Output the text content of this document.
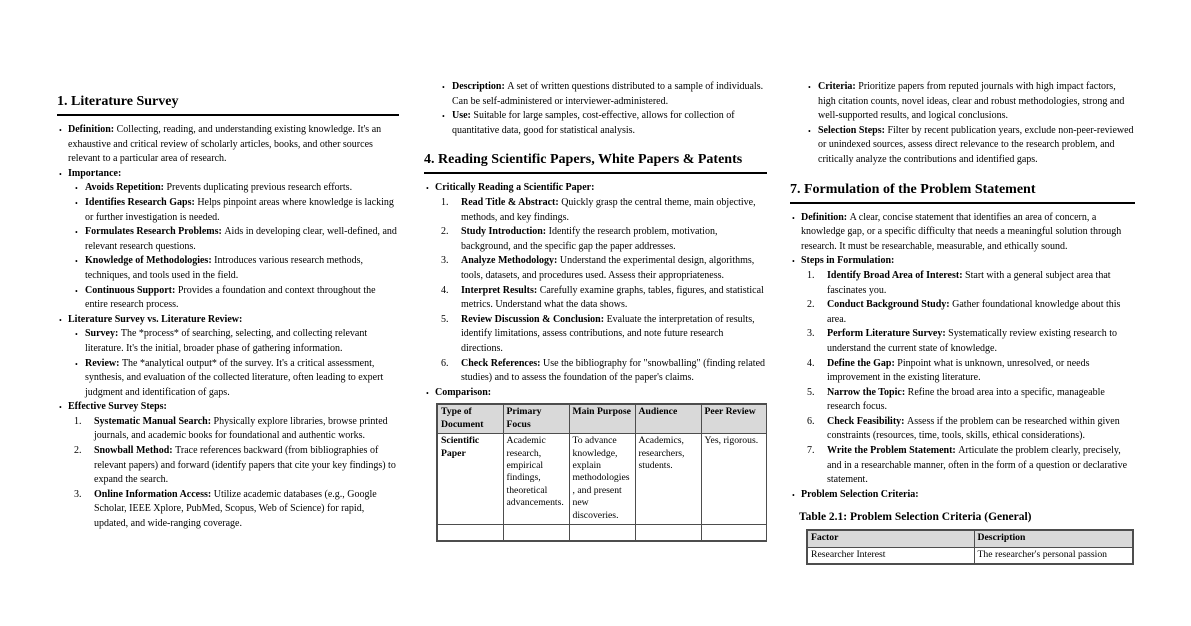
1. Literature Survey
• Definition: Collecting, reading, and understanding existing knowledge. It's an exhaustive and critical review of scholarly articles, books, and other sources relevant to a particular area of research.
• Importance:
• Avoids Repetition: Prevents duplicating previous research efforts.
• Identifies Research Gaps: Helps pinpoint areas where knowledge is lacking or further investigation is needed.
• Formulates Research Problems: Aids in developing clear, well-defined, and relevant research questions.
• Knowledge of Methodologies: Introduces various research methods, techniques, and tools used in the field.
• Continuous Support: Provides a foundation and context throughout the entire research process.
• Literature Survey vs. Literature Review:
• Survey: The *process* of searching, selecting, and collecting relevant literature. It's the initial, broader phase of gathering information.
• Review: The *analytical output* of the survey. It's a critical assessment, synthesis, and evaluation of the collected literature, often leading to expert judgment and identification of gaps.
• Effective Survey Steps:
1. Systematic Manual Search: Physically explore libraries, browse printed journals, and academic books for foundational and authentic works.
2. Snowball Method: Trace references backward (from bibliographies of relevant papers) and forward (identify papers that cite your key findings) to expand the search.
3. Online Information Access: Utilize academic databases (e.g., Google Scholar, IEEE Xplore, PubMed, Scopus, Web of Science) for rapid, updated, and wide-ranging coverage.
• Description: A set of written questions distributed to a sample of individuals. Can be self-administered or interviewer-administered.
• Use: Suitable for large samples, cost-effective, allows for collection of quantitative data, good for statistical analysis.
4. Reading Scientific Papers, White Papers & Patents
• Critically Reading a Scientific Paper:
1. Read Title & Abstract: Quickly grasp the central theme, main objective, methods, and key findings.
2. Study Introduction: Identify the research problem, motivation, background, and the specific gap the paper addresses.
3. Analyze Methodology: Understand the experimental design, algorithms, tools, datasets, and procedures used. Assess their appropriateness.
4. Interpret Results: Carefully examine graphs, tables, figures, and statistical metrics. Understand what the data shows.
5. Review Discussion & Conclusion: Evaluate the interpretation of results, identify limitations, assess contributions, and note future research directions.
6. Check References: Use the bibliography for "snowballing" (finding related studies) and to assess the foundation of the paper's claims.
• Comparison:
Type of Document	Primary Focus	Main Purpose	Audience	Peer Review
Scientific Paper	Academic research, empirical findings, theoretical advancements.	To advance knowledge, explain methodologies, and present new discoveries.	Academics, researchers, students.	Yes, rigorous.

• Criteria: Prioritize papers from reputed journals with high impact factors, high citation counts, novel ideas, clear and robust methodologies, strong and well-supported results, and logical conclusions.
• Selection Steps: Filter by recent publication years, exclude non-peer-reviewed or unindexed sources, assess direct relevance to the research problem, and critically analyze the contributions and identified gaps.
7. Formulation of the Problem Statement
• Definition: A clear, concise statement that identifies an area of concern, a knowledge gap, or a specific difficulty that needs a meaningful solution through research. It must be researchable, measurable, and ethically sound.
• Steps in Formulation:
1. Identify Broad Area of Interest: Start with a general subject area that fascinates you.
2. Conduct Background Study: Gather foundational knowledge about this area.
3. Perform Literature Survey: Systematically review existing research to understand the current state of knowledge.
4. Define the Gap: Pinpoint what is unknown, unresolved, or needs improvement in the existing literature.
5. Narrow the Topic: Refine the broad area into a specific, manageable research focus.
6. Check Feasibility: Assess if the problem can be researched within given constraints (resources, time, tools, skills, ethical considerations).
7. Write the Problem Statement: Articulate the problem clearly, precisely, and in a researchable manner, often in the form of a question or declarative statement.
• Problem Selection Criteria:
Table 2.1: Problem Selection Criteria (General)
Factor	Description
Researcher Interest	The researcher's personal passion
